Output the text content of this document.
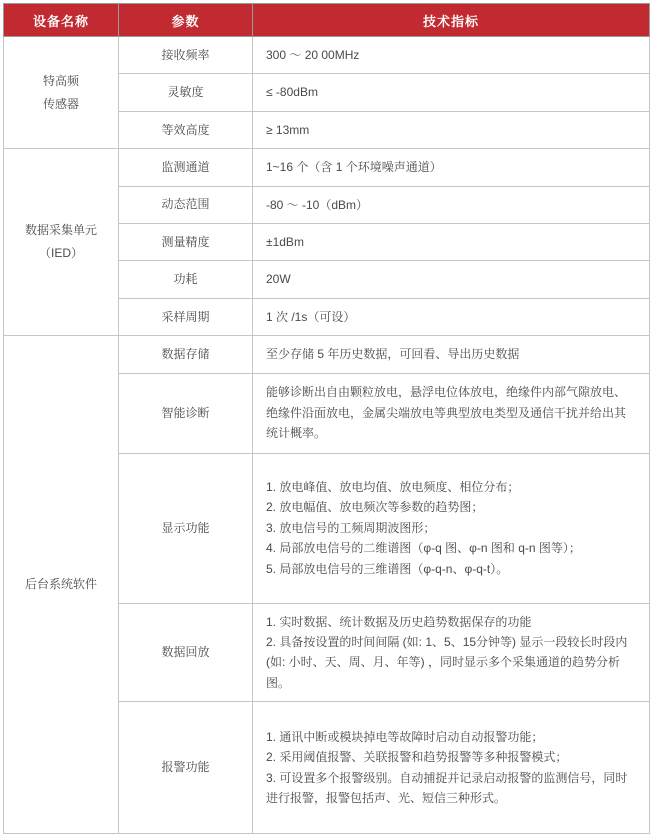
设备名称	参数	技术指标

特高频
传感器	接收频率	300 ～ 20 00MHz

	灵敏度	≤ -80dBm

	等效高度	≥ 13mm

数据采集单元
（IED）	监测通道	1~16 个（含 1 个环境噪声通道）

	动态范围	-80 ～ -10（dBm）

	测量精度	±1dBm

	功耗	20W

	采样周期	1 次 /1s（可设）

后台系统软件	数据存储	至少存储 5 年历史数据，可回看、导出历史数据

	智能诊断	能够诊断出自由颗粒放电，悬浮电位体放电，绝缘件内部气隙放电、绝缘件沿面放电，金属尖端放电等典型放电类型及通信干扰并给出其统计概率。

	显示功能	1. 放电峰值、放电均值、放电频度、相位分布；
2. 放电幅值、放电频次等参数的趋势图；
3. 放电信号的工频周期波图形；
4. 局部放电信号的二维谱图（φ-q 图、φ-n 图和 q-n 图等）；
5. 局部放电信号的三维谱图（φ-q-n、φ-q-t）。

	数据回放	1. 实时数据、统计数据及历史趋势数据保存的功能
2. 具备按设置的时间间隔 (如: 1、5、15分钟等) 显示一段较长时段内 (如: 小时、天、周、月、年等) ，同时显示多个采集通道的趋势分析图。

	报警功能	1. 通讯中断或模块掉电等故障时启动自动报警功能；
2. 采用阈值报警、关联报警和趋势报警等多种报警模式；
3. 可设置多个报警级别。自动捕捉并记录启动报警的监测信号，同时进行报警，报警包括声、光、短信三种形式。
